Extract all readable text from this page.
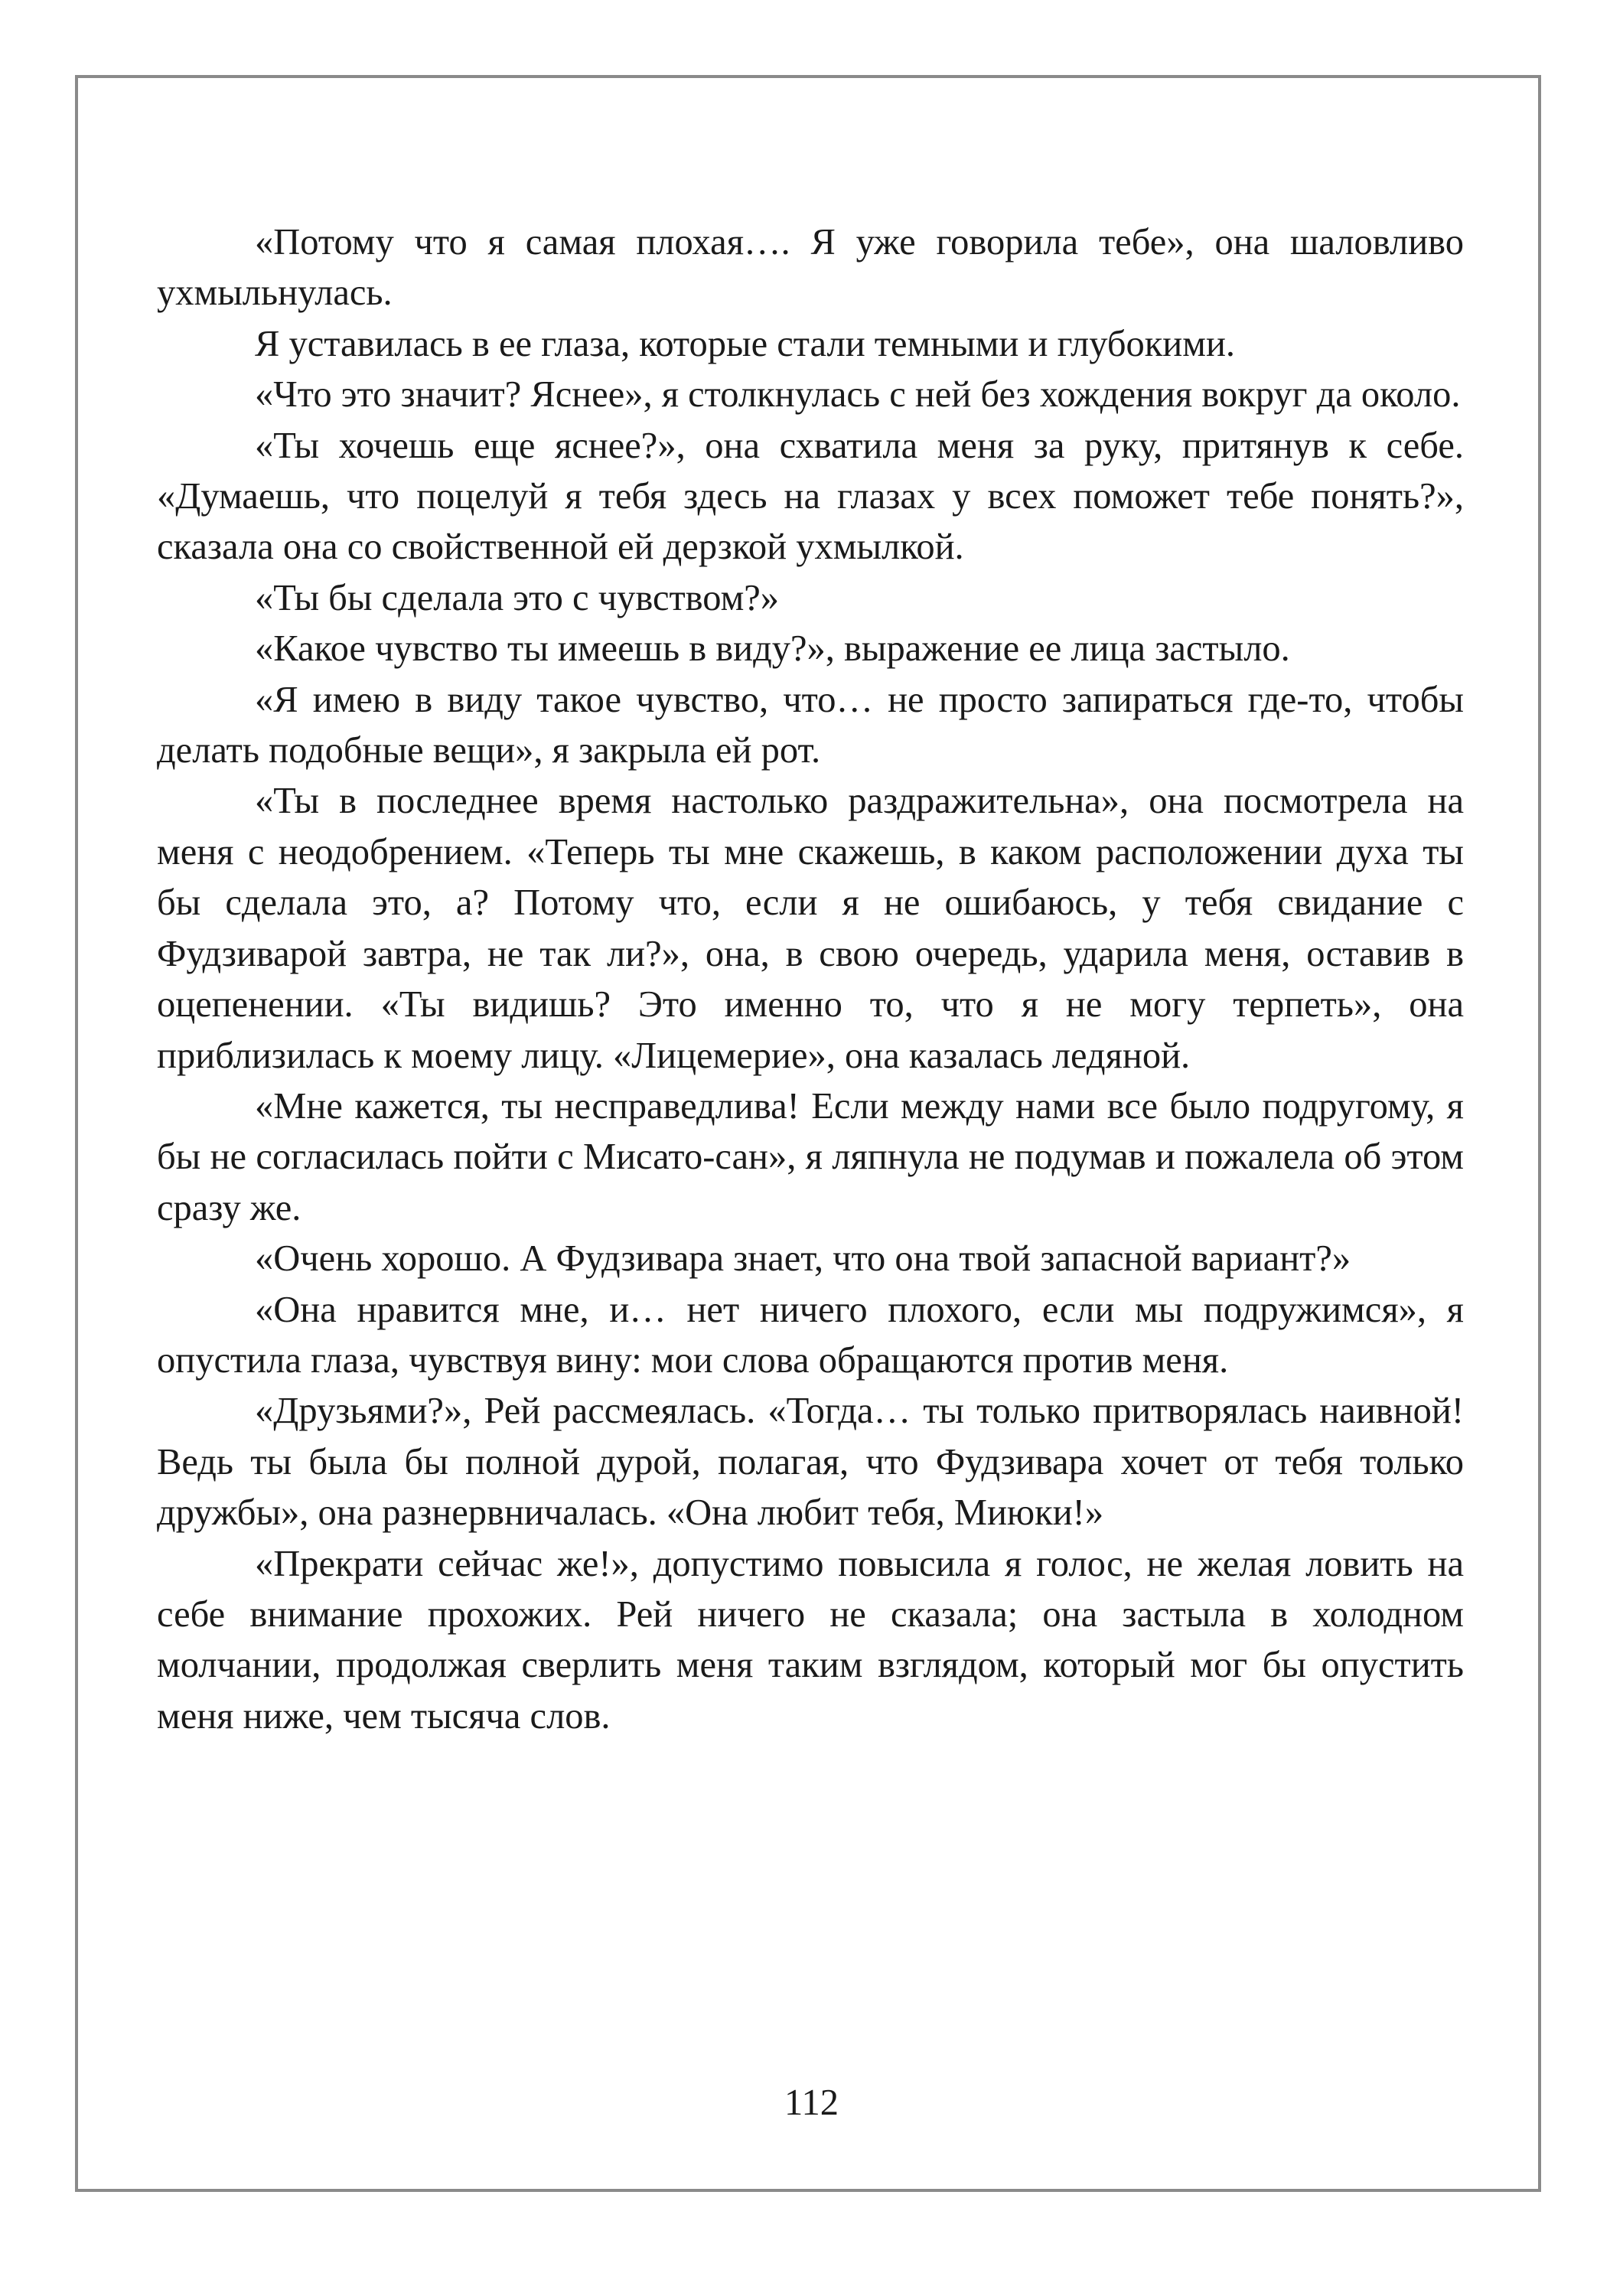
«Потому что я самая плохая…. Я уже говорила тебе», она шаловливо ухмыльнулась.

Я уставилась в ее глаза, которые стали темными и глубокими.

«Что это значит? Яснее», я столкнулась с ней без хождения вокруг да около.

«Ты хочешь еще яснее?», она схватила меня за руку, притянув к себе. «Думаешь, что поцелуй я тебя здесь на глазах у всех поможет тебе понять?», сказала она со свойственной ей дерзкой ухмылкой.

«Ты бы сделала это с чувством?»

«Какое чувство ты имеешь в виду?», выражение ее лица застыло.

«Я имею в виду такое чувство, что… не просто запираться где-то, чтобы делать подобные вещи», я закрыла ей рот.

«Ты в последнее время настолько раздражительна», она посмотрела на меня с неодобрением. «Теперь ты мне скажешь, в каком расположении духа ты бы сделала это, а? Потому что, если я не ошибаюсь, у тебя свидание с Фудзиварой завтра, не так ли?», она, в свою очередь, ударила меня, оставив в оцепенении. «Ты видишь? Это именно то, что я не могу терпеть», она приблизилась к моему лицу. «Лицемерие», она казалась ледяной.

«Мне кажется, ты несправедлива! Если между нами все было подругому, я бы не согласилась пойти с Мисато-сан», я ляпнула не подумав и пожалела об этом сразу же.

«Очень хорошо. А Фудзивара знает, что она твой запасной вариант?»

«Она нравится мне, и… нет ничего плохого, если мы подружимся», я опустила глаза, чувствуя вину: мои слова обращаются против меня.

«Друзьями?», Рей рассмеялась. «Тогда… ты только притворялась наивной! Ведь ты была бы полной дурой, полагая, что Фудзивара хочет от тебя только дружбы», она разнервничалась. «Она любит тебя, Миюки!»

«Прекрати сейчас же!», допустимо повысила я голос, не желая ловить на себе внимание прохожих. Рей ничего не сказала; она застыла в холодном молчании, продолжая сверлить меня таким взглядом, который мог бы опустить меня ниже, чем тысяча слов.

112
